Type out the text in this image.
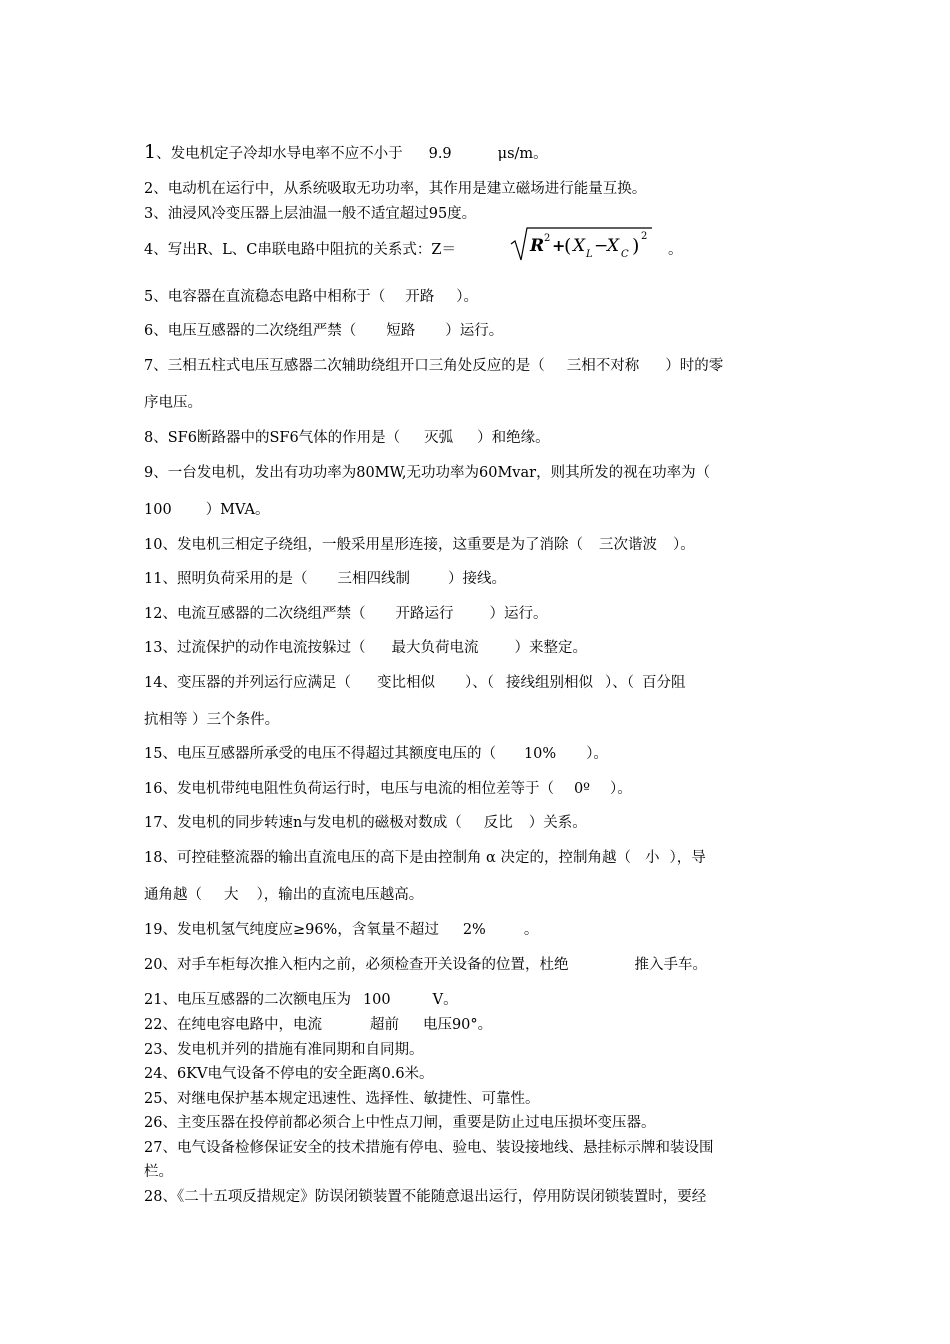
1、发电机定子冷却水导电率不应不小于 9.9	μs/m。
2、电动机在运行中，从系统吸取无功功率，其作用是建立磁场进行能量互换。
3、油浸风冷变压器上层油温一般不适宜超过95度。
4、写出R、L、C串联电路中阻抗的关系式：Z＝	。
R 2 +
( X L −
X C ) 2
5、电容器在直流稳态电路中相称于（ 开路 ）。
6、电压互感器的二次绕组严禁（ 短路 ）运行。
7、三相五柱式电压互感器二次辅助绕组开口三角处反应的是（ 三相不对称 ）时的零
序电压。
8、SF6断路器中的SF6气体的作用是（ 灭弧 ）和绝缘。
9、一台发电机，发出有功功率为80MW,无功功率为60Mvar，则其所发的视在功率为（
100 ）MVA。
10、发电机三相定子绕组，一般采用星形连接，这重要是为了消除（ 三次谐波 ）。
11、照明负荷采用的是（ 三相四线制	）接线。
12、电流互感器的二次绕组严禁（ 开路运行 ）运行。
13、过流保护的动作电流按躲过（ 最大负荷电流 ）来整定。
14、变压器的并列运行应满足（ 变比相似 ）、（ 接线组别相似 ）、（ 百分阻
抗相等 ）三个条件。
15、电压互感器所承受的电压不得超过其额度电压的（ 10% ）。
16、发电机带纯电阻性负荷运行时，电压与电流的相位差等于（ 0º ）。
17、发电机的同步转速n与发电机的磁极对数成（ 反比 ）关系。
18、可控硅整流器的输出直流电压的高下是由控制角 α 决定的，控制角越（ 小 ），导
通角越（ 大 ），输出的直流电压越高。
19、发电机氢气纯度应≥96%，含氧量不超过 2%	。
20、对手车柜每次推入柜内之前，必须检查开关设备的位置，杜绝	推入手车。
21、电压互感器的二次额电压为 100	V。
22、在纯电容电路中，电流	超前 电压90°。
23、发电机并列的措施有准同期和自同期。
24、6KV电气设备不停电的安全距离0.6米。
25、对继电保护基本规定迅速性、选择性、敏捷性、可靠性。
26、主变压器在投停前都必须合上中性点刀闸，重要是防止过电压损坏变压器。
27、电气设备检修保证安全的技术措施有停电、验电、装设接地线、悬挂标示牌和装设围
栏。
28、《二十五项反措规定》防误闭锁装置不能随意退出运行，停用防误闭锁装置时，要经
